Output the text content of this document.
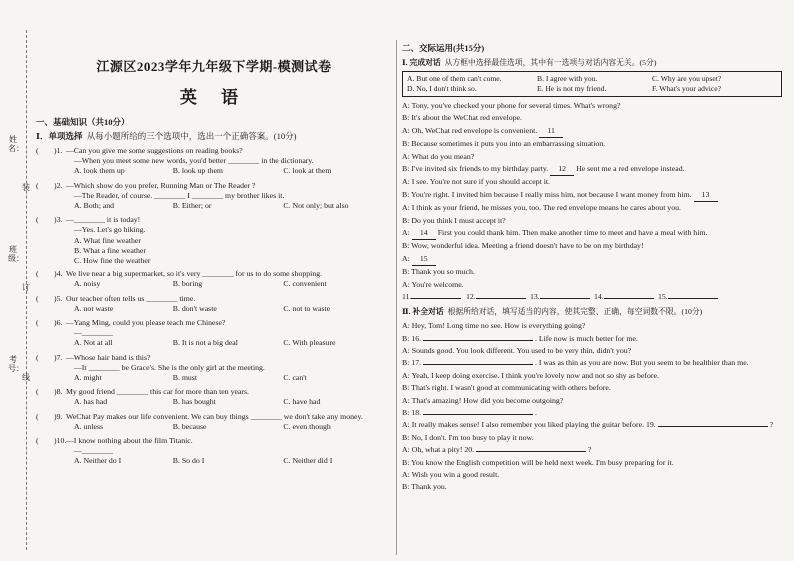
姓名：
班级：
考号：
装
订
线
江源区2023学年九年级下学期-模测试卷
英 语
一、基础知识（共10分）
Ⅰ．单项选择 从每小题所给的三个选项中，选出一个正确答案。(10分)
( )1. —Can you give me some suggestions on reading books?
—When you meet some new words, you'd better ________ in the dictionary.
A. look them up	B. look up them	C. look at them
( )2. —Which show do you prefer, Running Man or The Reader ?
—The Reader, of course. ________ I ________ my brother likes it.
A. Both; and	B. Either; or	C. Not only; but also
( )3. —________ it is today!
—Yes. Let's go hiking.
A. What fine weather
B. What a fine weather
C. How fine the weather
( )4. We live near a big supermarket, so it's very ________ for us to do some shopping.
A. noisy	B. boring	C. convenient
( )5. Our teacher often tells us ________ time.
A. not waste	B. don't waste	C. not to waste
( )6. —Yang Ming, could you please teach me Chinese?
—________
A. Not at all	B. It is not a big deal	C. With pleasure
( )7. —Whose hair band is this?
—It ________ be Grace's. She is the only girl at the meeting.
A. might	B. must	C. can't
( )8. My good friend ________ this car for more than ten years.
A. has had	B. has bought	C. have had
( )9. WeChat Pay makes our life convenient. We can buy things ________ we don't take any money.
A. unless	B. because	C. even though
( )10. —I know nothing about the film Titanic.
—________
A. Neither do I	B. So do I	C. Neither did I
二、交际运用(共15分)
Ⅰ. 完成对话 从方框中选择最佳选项，其中有一选项与对话内容无关。(5分)
A. But one of them can't come.	B. I agree with you.	C. Why are you upset?
D. No, I don't think so.	E. He is not my friend.	F. What's your advice?
A: Tony, you've checked your phone for several times. What's wrong?
B: It's about the WeChat red envelope.
A: Oh, WeChat red envelope is convenient. 11
B: Because sometimes it puts you into an embarrassing situation.
A: What do you mean?
B: I've invited six friends to my birthday party. 12 He sent me a red envelope instead.
A: I see. You're not sure if you should accept it.
B: You're right. I invited him because I really miss him, not because I want money from him. 13
A: I think as your friend, he misses you, too. The red envelope means he cares about you.
B: Do you think I must accept it?
A: 14 First you could thank him. Then make another time to meet and have a meal with him.
B: Wow, wonderful idea. Meeting a friend doesn't have to be on my birthday!
A: 15
B: Thank you so much.
A: You're welcome.
11.	12.	13.	14.	15.
Ⅱ. 补全对话 根据所给对话，填写适当的内容，使其完整、正确，每空词数不限。(10分)
A: Hey, Tom! Long time no see. How is everything going?
B: 16.	. Life now is much better for me.
A: Sounds good. You look different. You used to be very thin, didn't you?
B: 17.	. I was as thin as you are now. But you seem to be healthier than me.
A: Yeah, I keep doing exercise. I think you're lovely now and not so shy as before.
B: That's right. I wasn't good at communicating with others before.
A: That's amazing! How did you become outgoing?
B: 18.	.
A: It really makes sense! I also remember you liked playing the guitar before. 19.	?
B: No, I don't. I'm too busy to play it now.
A: Oh, what a pity! 20.	?
B: You know the English competition will be held next week. I'm busy preparing for it.
A: Wish you win a good result.
B: Thank you.
